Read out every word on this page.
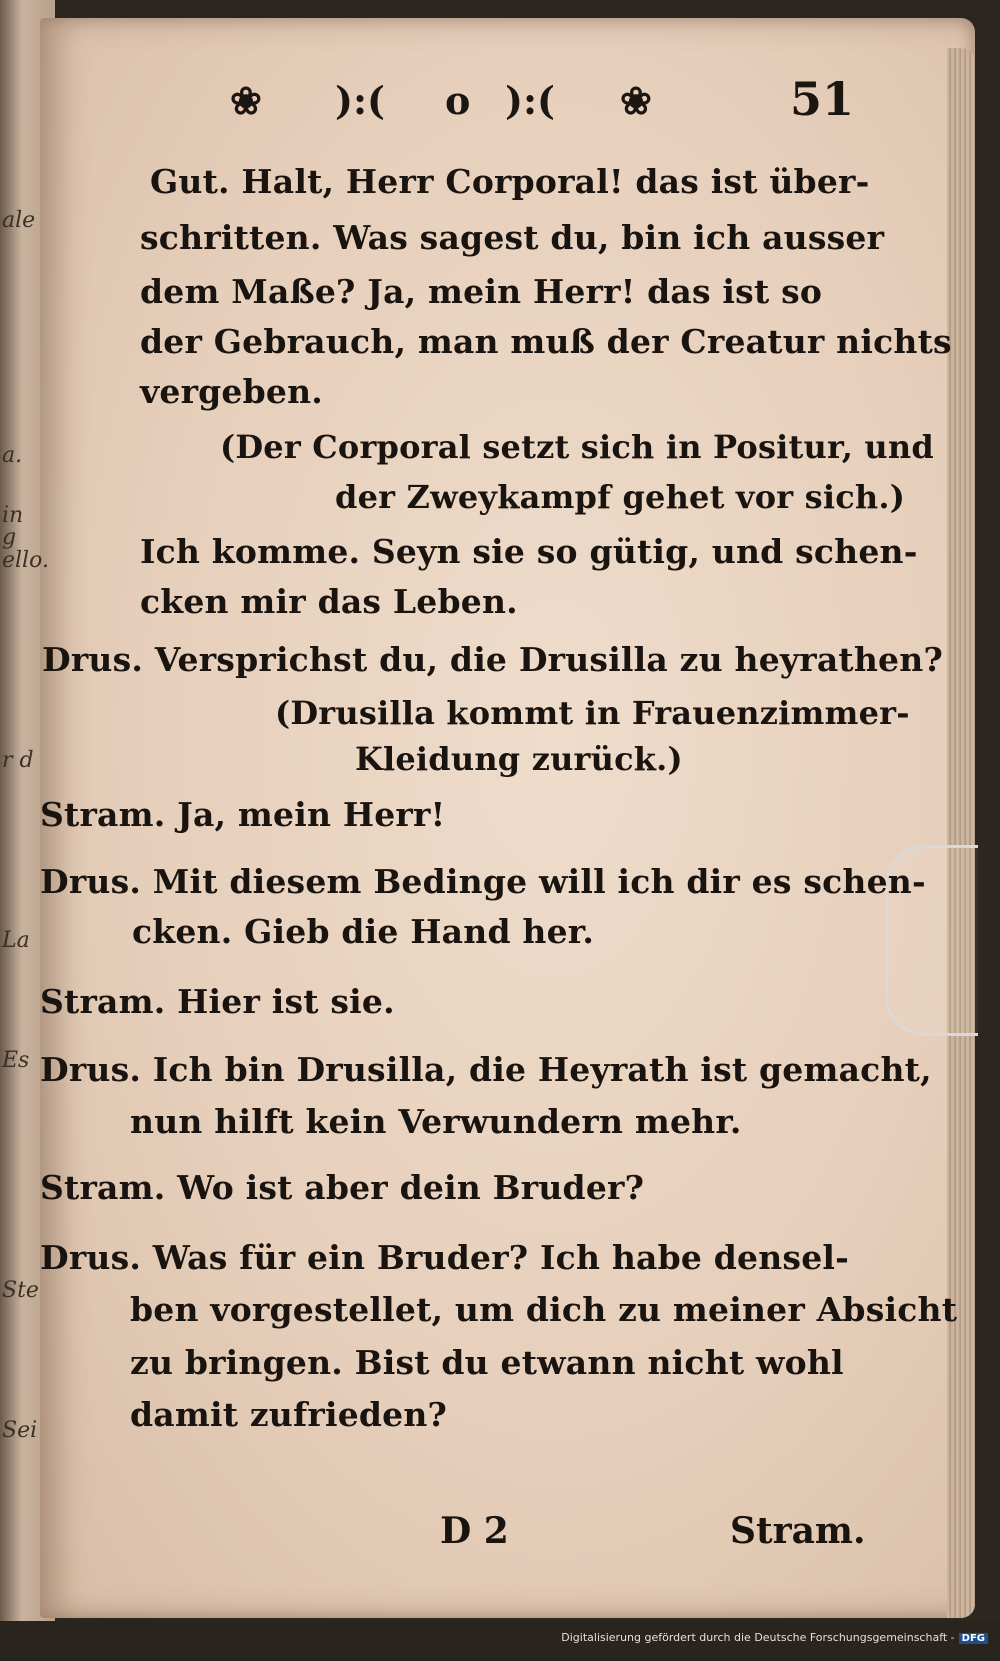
ale
a.
in g
ello.
r d
La
Es
Ste
Sei
❀ ):( o ):( ❀	51
Gut. Halt, Herr Corporal! das ist über-
schritten. Was sagest du, bin ich ausser
dem Maße? Ja, mein Herr! das ist so
der Gebrauch, man muß der Creatur nichts
vergeben.
(Der Corporal setzt sich in Positur, und
der Zweykampf gehet vor sich.)
Ich komme. Seyn sie so gütig, und schen-
cken mir das Leben.
Drus. Versprichst du, die Drusilla zu heyrathen?
(Drusilla kommt in Frauenzimmer-
Kleidung zurück.)
Stram. Ja, mein Herr!
Drus. Mit diesem Bedinge will ich dir es schen-
cken. Gieb die Hand her.
Stram. Hier ist sie.
Drus. Ich bin Drusilla, die Heyrath ist gemacht,
nun hilft kein Verwundern mehr.
Stram. Wo ist aber dein Bruder?
Drus. Was für ein Bruder? Ich habe densel-
ben vorgestellet, um dich zu meiner Absicht
zu bringen. Bist du etwann nicht wohl
damit zufrieden?
D 2	Stram.
Digitalisierung gefördert durch die Deutsche Forschungsgemeinschaft - DFG
